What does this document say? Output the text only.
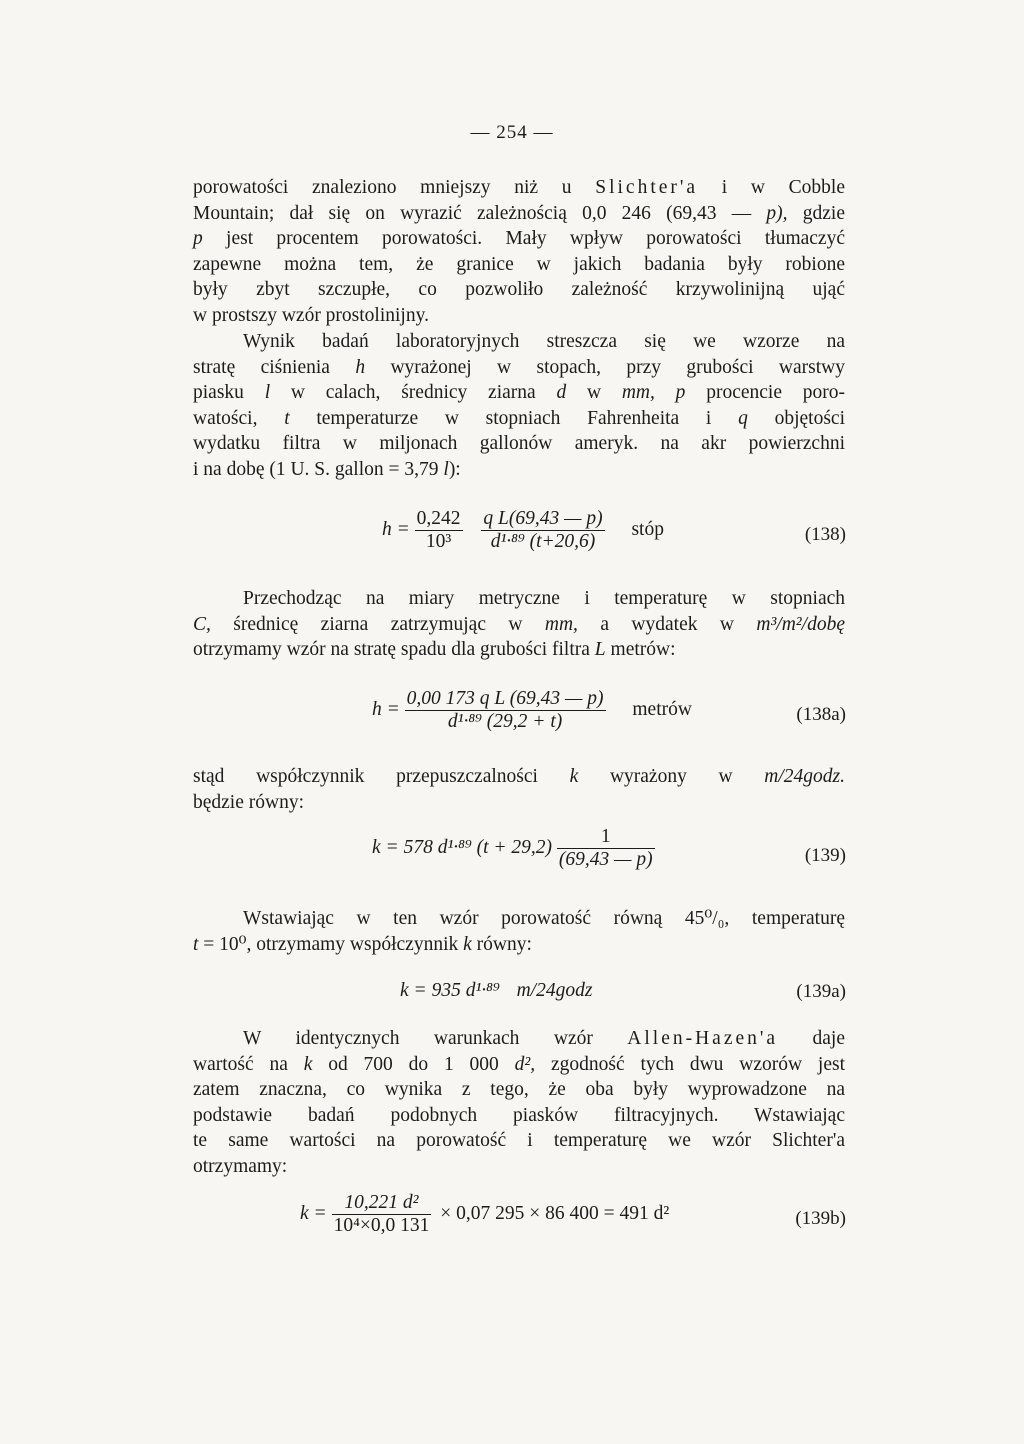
— 254 —
porowatości znaleziono mniejszy niż u Slichter'a i w Cobble
Mountain; dał się on wyrazić zależnością 0,0 246 (69,43 — p), gdzie
p jest procentem porowatości. Mały wpływ porowatości tłumaczyć
zapewne można tem, że granice w jakich badania były robione
były zbyt szczupłe, co pozwoliło zależność krzywolinijną ująć
w prostszy wzór prostolinijny.
Wynik badań laboratoryjnych streszcza się we wzorze na
stratę ciśnienia h wyrażonej w stopach, przy grubości warstwy
piasku l w calach, średnicy ziarna d w mm, p procencie poro-
watości, t temperaturze w stopniach Fahrenheita i q objętości
wydatku filtra w miljonach gallonów ameryk. na akr powierzchni
i na dobę (1 U. S. gallon = 3,79 l):
$h = \frac{0,242}{\text{10³}}$
$\frac{\text{q L(69,43 — p)}}{\text{d¹·⁸⁹ (t+20,6)}}$ stóp	(138)
Przechodząc na miary metryczne i temperaturę w stopniach
C, średnicę ziarna zatrzymując w mm, a wydatek w m³/m²/dobę
otrzymamy wzór na stratę spadu dla grubości filtra L metrów:
$h = \frac{\text{0,00 173 q L (69,43 — p)}}{\text{d¹·⁸⁹ (29,2 + t)}}$ metrów	(138a)
stąd współczynnik przepuszczalności k wyrażony w m/24godz.
będzie równy:
k = 578 d¹·⁸⁹ $(t + 29,2) \frac{1}{(69,43 — p)}$	(139)
Wstawiając w ten wzór porowatość równą 45⁰/₀, temperaturę
t = 10⁰, otrzymamy współczynnik k równy:
k = 935 d¹·⁸⁹ m/24godz	(139a)
W identycznych warunkach wzór Allen-Hazen'a daje
wartość na k od 700 do 1 000 d², zgodność tych dwu wzorów jest
zatem znaczna, co wynika z tego, że oba były wyprowadzone na
podstawie badań podobnych piasków filtracyjnych. Wstawiając
te same wartości na porowatość i temperaturę we wzór Slichter'a
otrzymamy:
$k = \frac{\text{10,221 d²}}{\text{10⁴×0,0 131}} \times 0,07$ 295 × 86 400 = 491 d²	(139b)
